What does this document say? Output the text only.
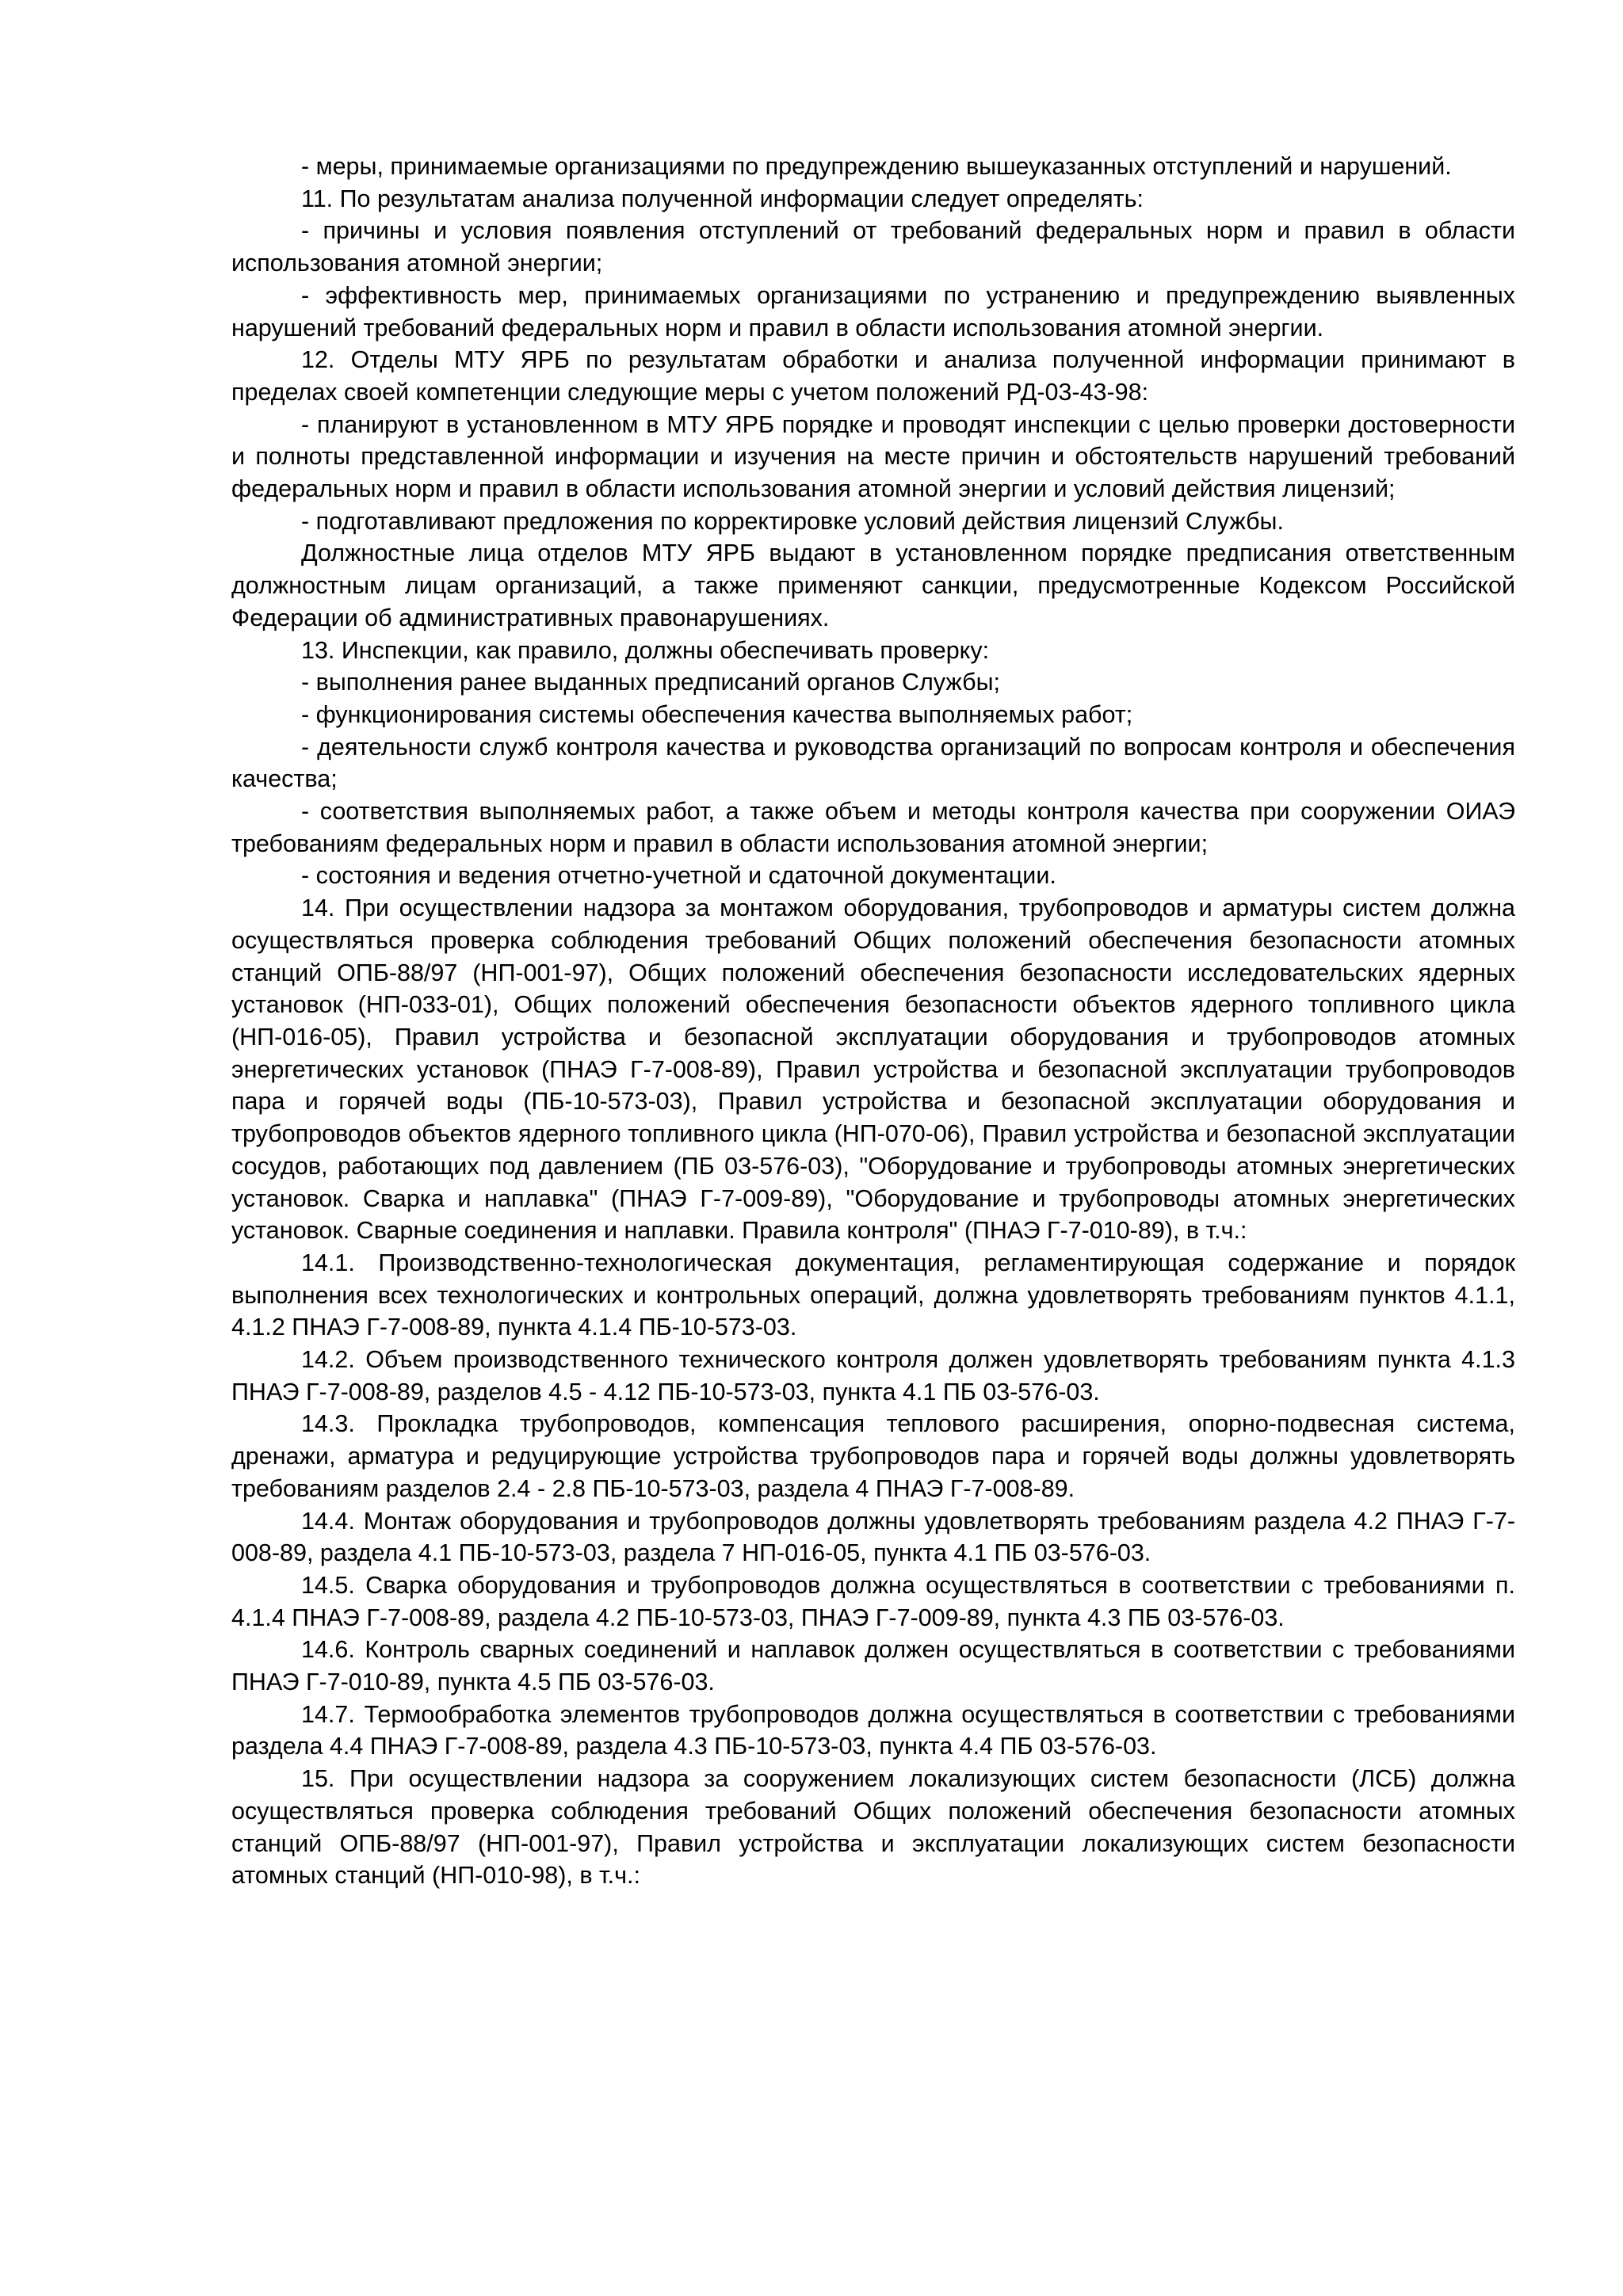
- меры, принимаемые организациями по предупреждению вышеуказанных отступлений и нарушений.

11. По результатам анализа полученной информации следует определять:

- причины и условия появления отступлений от требований федеральных норм и правил в области использования атомной энергии;

- эффективность мер, принимаемых организациями по устранению и предупреждению выявленных нарушений требований федеральных норм и правил в области использования атомной энергии.

12. Отделы МТУ ЯРБ по результатам обработки и анализа полученной информации принимают в пределах своей компетенции следующие меры с учетом положений РД-03-43-98:

- планируют в установленном в МТУ ЯРБ порядке и проводят инспекции с целью проверки достоверности и полноты представленной информации и изучения на месте причин и обстоятельств нарушений требований федеральных норм и правил в области использования атомной энергии и условий действия лицензий;

- подготавливают предложения по корректировке условий действия лицензий Службы.

Должностные лица отделов МТУ ЯРБ выдают в установленном порядке предписания ответственным должностным лицам организаций, а также применяют санкции, предусмотренные Кодексом Российской Федерации об административных правонарушениях.

13. Инспекции, как правило, должны обеспечивать проверку:

- выполнения ранее выданных предписаний органов Службы;

- функционирования системы обеспечения качества выполняемых работ;

- деятельности служб контроля качества и руководства организаций по вопросам контроля и обеспечения качества;

- соответствия выполняемых работ, а также объем и методы контроля качества при сооружении ОИАЭ требованиям федеральных норм и правил в области использования атомной энергии;

- состояния и ведения отчетно-учетной и сдаточной документации.

14. При осуществлении надзора за монтажом оборудования, трубопроводов и арматуры систем должна осуществляться проверка соблюдения требований Общих положений обеспечения безопасности атомных станций ОПБ-88/97 (НП-001-97), Общих положений обеспечения безопасности исследовательских ядерных установок (НП-033-01), Общих положений обеспечения безопасности объектов ядерного топливного цикла (НП-016-05), Правил устройства и безопасной эксплуатации оборудования и трубопроводов атомных энергетических установок (ПНАЭ Г-7-008-89), Правил устройства и безопасной эксплуатации трубопроводов пара и горячей воды (ПБ-10-573-03), Правил устройства и безопасной эксплуатации оборудования и трубопроводов объектов ядерного топливного цикла (НП-070-06), Правил устройства и безопасной эксплуатации сосудов, работающих под давлением (ПБ 03-576-03), "Оборудование и трубопроводы атомных энергетических установок. Сварка и наплавка" (ПНАЭ Г-7-009-89), "Оборудование и трубопроводы атомных энергетических установок. Сварные соединения и наплавки. Правила контроля" (ПНАЭ Г-7-010-89), в т.ч.:

14.1. Производственно-технологическая документация, регламентирующая содержание и порядок выполнения всех технологических и контрольных операций, должна удовлетворять требованиям пунктов 4.1.1, 4.1.2 ПНАЭ Г-7-008-89, пункта 4.1.4 ПБ-10-573-03.

14.2. Объем производственного технического контроля должен удовлетворять требованиям пункта 4.1.3 ПНАЭ Г-7-008-89, разделов 4.5 - 4.12 ПБ-10-573-03, пункта 4.1 ПБ 03-576-03.

14.3. Прокладка трубопроводов, компенсация теплового расширения, опорно-подвесная система, дренажи, арматура и редуцирующие устройства трубопроводов пара и горячей воды должны удовлетворять требованиям разделов 2.4 - 2.8 ПБ-10-573-03, раздела 4 ПНАЭ Г-7-008-89.

14.4. Монтаж оборудования и трубопроводов должны удовлетворять требованиям раздела 4.2 ПНАЭ Г-7-008-89, раздела 4.1 ПБ-10-573-03, раздела 7 НП-016-05, пункта 4.1 ПБ 03-576-03.

14.5. Сварка оборудования и трубопроводов должна осуществляться в соответствии с требованиями п. 4.1.4 ПНАЭ Г-7-008-89, раздела 4.2 ПБ-10-573-03, ПНАЭ Г-7-009-89, пункта 4.3 ПБ 03-576-03.

14.6. Контроль сварных соединений и наплавок должен осуществляться в соответствии с требованиями ПНАЭ Г-7-010-89, пункта 4.5 ПБ 03-576-03.

14.7. Термообработка элементов трубопроводов должна осуществляться в соответствии с требованиями раздела 4.4 ПНАЭ Г-7-008-89, раздела 4.3 ПБ-10-573-03, пункта 4.4 ПБ 03-576-03.

15. При осуществлении надзора за сооружением локализующих систем безопасности (ЛСБ) должна осуществляться проверка соблюдения требований Общих положений обеспечения безопасности атомных станций ОПБ-88/97 (НП-001-97), Правил устройства и эксплуатации локализующих систем безопасности атомных станций (НП-010-98), в т.ч.:
